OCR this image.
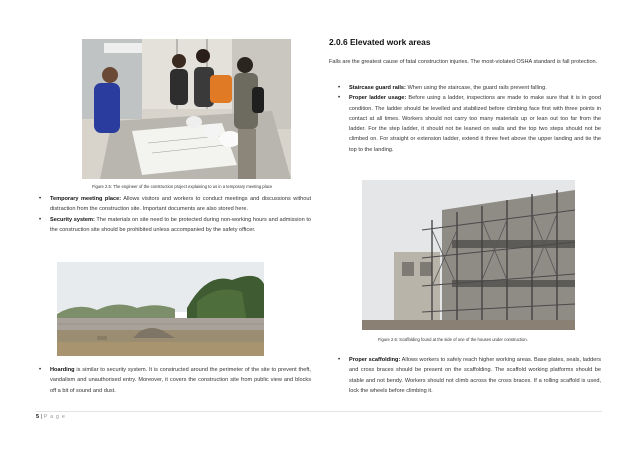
Figure 2.5: The engineer of the construction project explaining to us in a temporary meeting place
• Temporary meeting place: Allows visitors and workers to conduct meetings and discussions without distraction from the construction site. Important documents are also stored here.
• Security system: The materials on site need to be protected during non-working hours and admission to the construction site should be prohibited unless accompanied by the safety officer.
• Hoarding is similar to security system. It is constructed around the perimeter of the site to prevent theft, vandalism and unauthorised entry. Moreover, it covers the construction site from public view and blocks off a bit of sound and dust.
2.0.6 Elevated work areas
Falls are the greatest cause of fatal construction injuries. The most-violated OSHA standard is fall protection.
• Staircase guard rails: When using the staircase, the guard rails prevent falling.
• Proper ladder usage: Before using a ladder, inspections are made to make sure that it is in good condition. The ladder should be levelled and stabilized before climbing face first with three points in contact at all times. Workers should not carry too many materials up or lean out too far from the ladder. For the step ladder, it should not be leaned on walls and the top two steps should not be climbed on. For straight or extension ladder, extend it three feet above the upper landing and tie the top to the landing.
Figure 2.6: Scaffolding found at the side of one of the houses under construction.
• Proper scaffolding: Allows workers to safely reach higher working areas. Base plates, seals, ladders and cross braces should be present on the scaffolding. The scaffold working platforms should be stable and not bendy. Workers should not climb across the cross braces. If a rolling scaffold is used, lock the wheels before climbing it.
5 | P a g e
